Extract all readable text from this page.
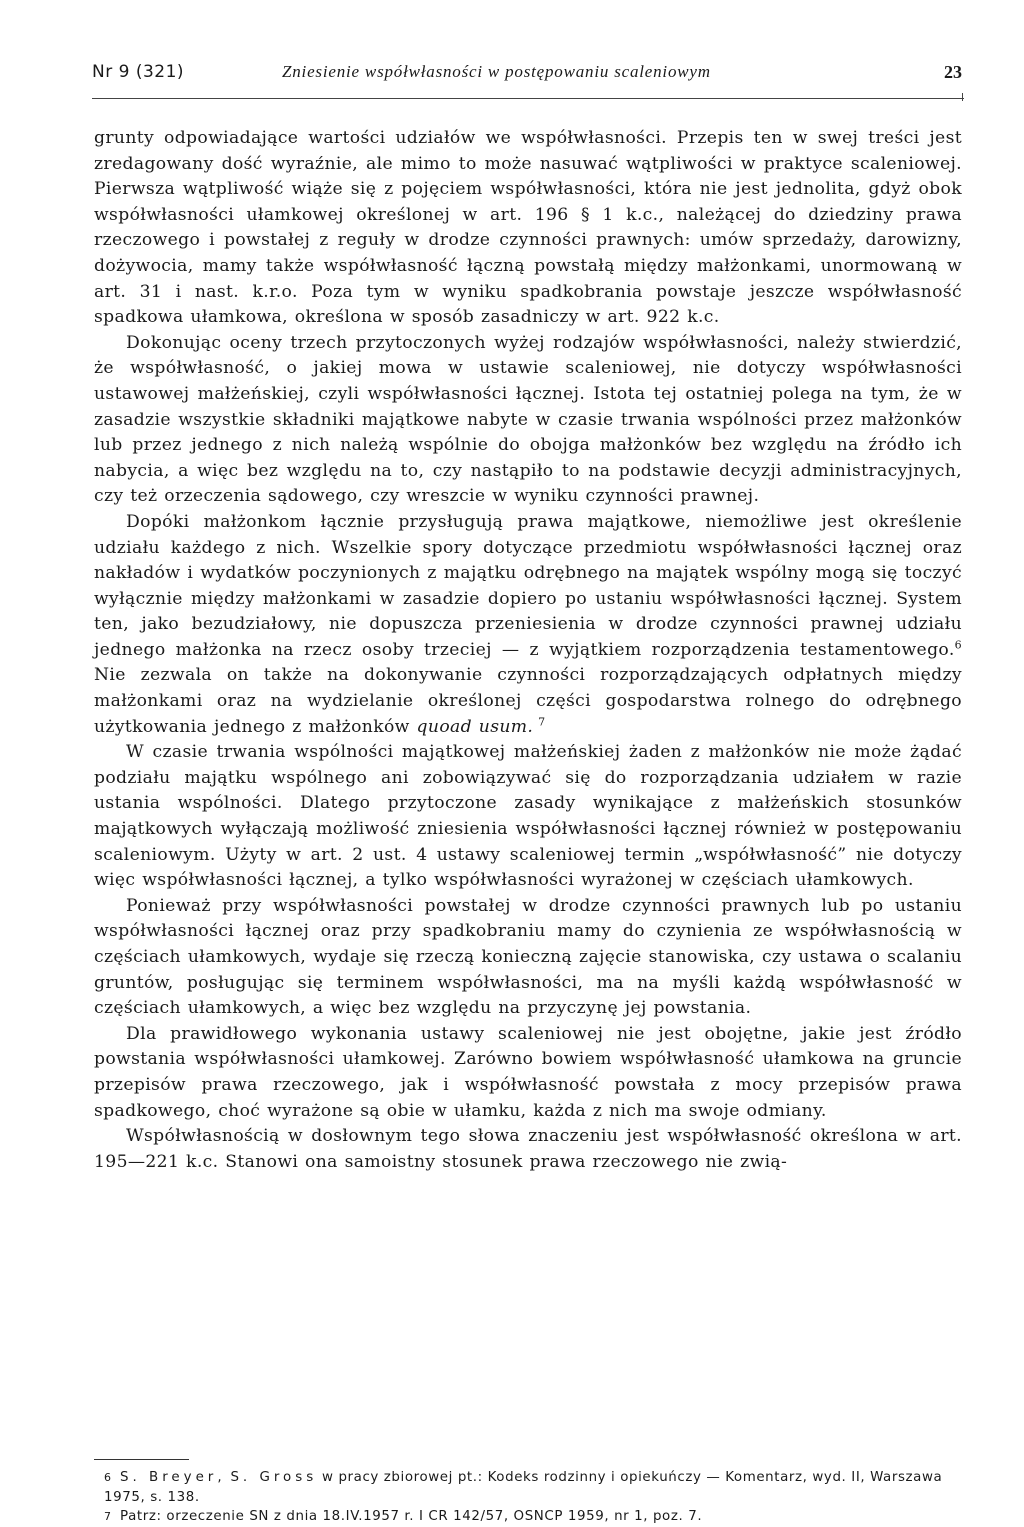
Nr 9 (321)	Zniesienie współwłasności w postępowaniu scaleniowym	23

grunty odpowiadające wartości udziałów we współwłasności. Przepis ten w swej treści jest zredagowany dość wyraźnie, ale mimo to może nasuwać wątpliwości w praktyce scaleniowej. Pierwsza wątpliwość wiąże się z pojęciem współwłasności, która nie jest jednolita, gdyż obok współwłasności ułamkowej określonej w art. 196 § 1 k.c., należącej do dziedziny prawa rzeczowego i powstałej z reguły w drodze czynności prawnych: umów sprzedaży, darowizny, dożywocia, mamy także współwłasność łączną powstałą między małżonkami, unormowaną w art. 31 i nast. k.r.o. Poza tym w wyniku spadkobrania powstaje jeszcze współwłasność spadkowa ułamkowa, określona w sposób zasadniczy w art. 922 k.c.

Dokonując oceny trzech przytoczonych wyżej rodzajów współwłasności, należy stwierdzić, że współwłasność, o jakiej mowa w ustawie scaleniowej, nie dotyczy współwłasności ustawowej małżeńskiej, czyli współwłasności łącznej. Istota tej ostatniej polega na tym, że w zasadzie wszystkie składniki majątkowe nabyte w czasie trwania wspólności przez małżonków lub przez jednego z nich należą wspólnie do obojga małżonków bez względu na źródło ich nabycia, a więc bez względu na to, czy nastąpiło to na podstawie decyzji administracyjnych, czy też orzeczenia sądowego, czy wreszcie w wyniku czynności prawnej.

Dopóki małżonkom łącznie przysługują prawa majątkowe, niemożliwe jest określenie udziału każdego z nich. Wszelkie spory dotyczące przedmiotu współwłasności łącznej oraz nakładów i wydatków poczynionych z majątku odrębnego na majątek wspólny mogą się toczyć wyłącznie między małżonkami w zasadzie dopiero po ustaniu współwłasności łącznej. System ten, jako bezudziałowy, nie dopuszcza przeniesienia w drodze czynności prawnej udziału jednego małżonka na rzecz osoby trzeciej — z wyjątkiem rozporządzenia testamentowego.$^6$ Nie zezwala on także na dokonywanie czynności rozporządzających odpłatnych między małżonkami oraz na wydzielanie określonej części gospodarstwa rolnego do odrębnego użytkowania jednego z małżonków quoad usum. $^7$

W czasie trwania wspólności majątkowej małżeńskiej żaden z małżonków nie może żądać podziału majątku wspólnego ani zobowiązywać się do rozporządzania udziałem w razie ustania wspólności. Dlatego przytoczone zasady wynikające z małżeńskich stosunków majątkowych wyłączają możliwość zniesienia współwłasności łącznej również w postępowaniu scaleniowym. Użyty w art. 2 ust. 4 ustawy scaleniowej termin „współwłasność” nie dotyczy więc współwłasności łącznej, a tylko współwłasności wyrażonej w częściach ułamkowych.

Ponieważ przy współwłasności powstałej w drodze czynności prawnych lub po ustaniu współwłasności łącznej oraz przy spadkobraniu mamy do czynienia ze współwłasnością w częściach ułamkowych, wydaje się rzeczą konieczną zajęcie stanowiska, czy ustawa o scalaniu gruntów, posługując się terminem współwłasności, ma na myśli każdą współwłasność w częściach ułamkowych, a więc bez względu na przyczynę jej powstania.

Dla prawidłowego wykonania ustawy scaleniowej nie jest obojętne, jakie jest źródło powstania współwłasności ułamkowej. Zarówno bowiem współwłasność ułamkowa na gruncie przepisów prawa rzeczowego, jak i współwłasność powstała z mocy przepisów prawa spadkowego, choć wyrażone są obie w ułamku, każda z nich ma swoje odmiany.

Współwłasnością w dosłownym tego słowa znaczeniu jest współwłasność określona w art. 195—221 k.c. Stanowi ona samoistny stosunek prawa rzeczowego nie zwią-

6 S. Breyer, S. Gross w pracy zbiorowej pt.: Kodeks rodzinny i opiekuńczy — Komentarz, wyd. II, Warszawa 1975, s. 138.

7 Patrz: orzeczenie SN z dnia 18.IV.1957 r. I CR 142/57, OSNCP 1959, nr 1, poz. 7.
